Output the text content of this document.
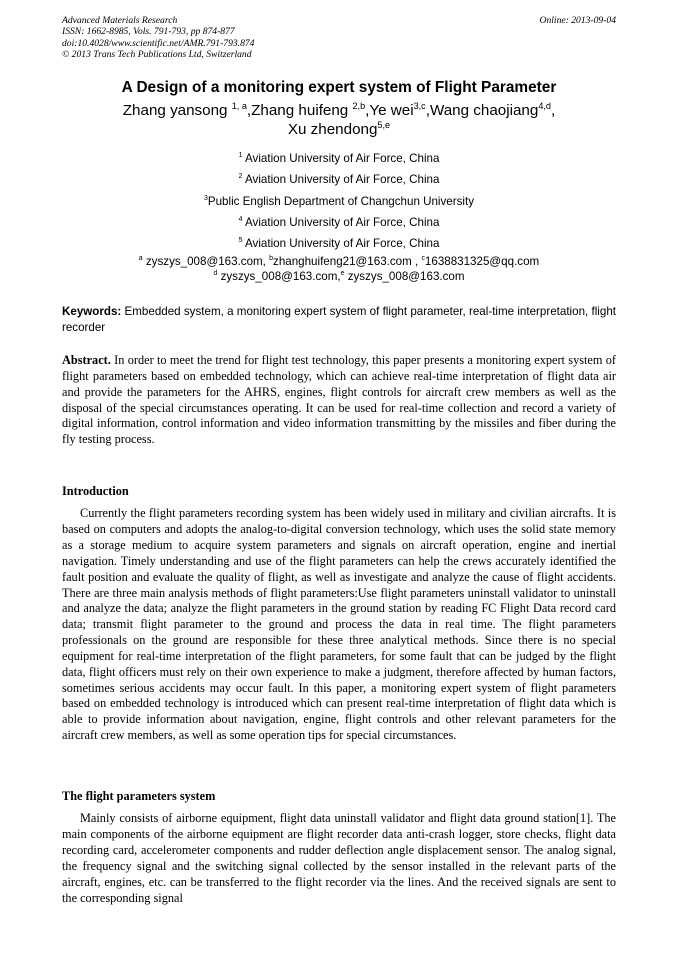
Advanced Materials Research
ISSN: 1662-8985, Vols. 791-793, pp 874-877
doi:10.4028/www.scientific.net/AMR.791-793.874
© 2013 Trans Tech Publications Ltd, Switzerland
Online: 2013-09-04
A Design of a monitoring expert system of Flight Parameter
Zhang yansong $^{1, a}$,Zhang huifeng $^{2,b}$,Ye wei$^{3,c}$,Wang chaojiang$^{4,d}$,
Xu zhendong$^{5,e}$
$^1$ Aviation University of Air Force, China
$^2$ Aviation University of Air Force, China
$^3$Public English Department of Changchun University
$^4$ Aviation University of Air Force, China
$^5$ Aviation University of Air Force, China
$^a$ zyszys_008@163.com, $^b$zhanghuifeng21@163.com , $^c$1638831325@qq.com
$^d$ zyszys_008@163.com,$^e$ zyszys_008@163.com
Keywords: Embedded system, a monitoring expert system of flight parameter, real-time interpretation, flight recorder

Abstract. In order to meet the trend for flight test technology, this paper presents a monitoring expert system of flight parameters based on embedded technology, which can achieve real-time interpretation of flight data air and provide the parameters for the AHRS, engines, flight controls for aircraft crew members as well as the disposal of the special circumstances operating. It can be used for real-time collection and record a variety of digital information, control information and video information transmitting by the missiles and fiber during the fly testing process.

Introduction

Currently the flight parameters recording system has been widely used in military and civilian aircrafts. It is based on computers and adopts the analog-to-digital conversion technology, which uses the solid state memory as a storage medium to acquire system parameters and signals on aircraft operation, engine and inertial navigation. Timely understanding and use of the flight parameters can help the crews accurately identified the fault position and evaluate the quality of flight, as well as investigate and analyze the cause of flight accidents. There are three main analysis methods of flight parameters:Use flight parameters uninstall validator to uninstall and analyze the data; analyze the flight parameters in the ground station by reading FC Flight Data record card data; transmit flight parameter to the ground and process the data in real time. The flight parameters professionals on the ground are responsible for these three analytical methods. Since there is no special equipment for real-time interpretation of the flight parameters, for some fault that can be judged by the flight data, flight officers must rely on their own experience to make a judgment, therefore affected by human factors, sometimes serious accidents may occur fault. In this paper, a monitoring expert system of flight parameters based on embedded technology is introduced which can present real-time interpretation of flight data which is able to provide information about navigation, engine, flight controls and other relevant parameters for the aircraft crew members, as well as some operation tips for special circumstances.

The flight parameters system

Mainly consists of airborne equipment, flight data uninstall validator and flight data ground station[1]. The main components of the airborne equipment are flight recorder data anti-crash logger, store checks, flight data recording card, accelerometer components and rudder deflection angle displacement sensor. The analog signal, the frequency signal and the switching signal collected by the sensor installed in the relevant parts of the aircraft, engines, etc. can be transferred to the flight recorder via the lines. And the received signals are sent to the corresponding signal
